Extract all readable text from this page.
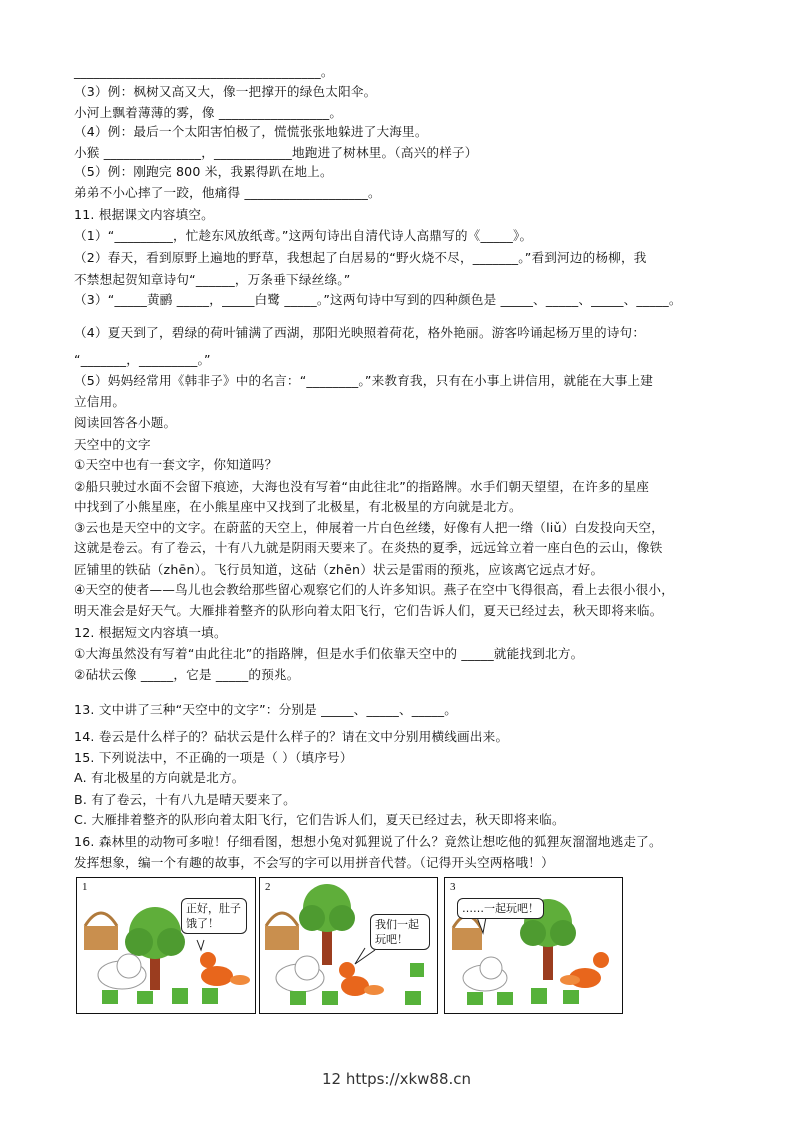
______________________________________。
（3）例：枫树又高又大，像一把撑开的绿色太阳伞。
小河上飘着薄薄的雾，像 _________________。
（4）例：最后一个太阳害怕极了，慌慌张张地躲进了大海里。
小猴 _______________，____________地跑进了树林里。（高兴的样子）
（5）例：刚跑完 800 米，我累得趴在地上。
弟弟不小心摔了一跤，他痛得 ___________________。
11. 根据课文内容填空。
（1）“_________，忙趁东风放纸鸢。”这两句诗出自清代诗人高鼎写的《_____》。
（2）春天，看到原野上遍地的野草，我想起了白居易的“野火烧不尽，_______。”看到河边的杨柳，我
不禁想起贺知章诗句“______，万条垂下绿丝绦。”
（3）“_____黄鹂 _____，_____白鹭 _____。”这两句诗中写到的四种颜色是 _____、_____、_____、_____。
（4）夏天到了，碧绿的荷叶铺满了西湖，那阳光映照着荷花，格外艳丽。游客吟诵起杨万里的诗句：
“_______，_________。”
（5）妈妈经常用《韩非子》中的名言：“________。”来教育我，只有在小事上讲信用，就能在大事上建
立信用。
阅读回答各小题。
天空中的文字
①天空中也有一套文字，你知道吗？
②船只驶过水面不会留下痕迹，大海也没有写着“由此往北”的指路牌。水手们朝天望望，在许多的星座
中找到了小熊星座，在小熊星座中又找到了北极星，有北极星的方向就是北方。
③云也是天空中的文字。在蔚蓝的天空上，伸展着一片白色丝缕，好像有人把一绺（liǔ）白发投向天空，
这就是卷云。有了卷云，十有八九就是阴雨天要来了。在炎热的夏季，远远耸立着一座白色的云山，像铁
匠铺里的铁砧（zhēn）。飞行员知道，这砧（zhēn）状云是雷雨的预兆，应该离它远点才好。
④天空的使者——鸟儿也会教给那些留心观察它们的人许多知识。燕子在空中飞得很高，看上去很小很小，
明天准会是好天气。大雁排着整齐的队形向着太阳飞行，它们告诉人们，夏天已经过去，秋天即将来临。
12. 根据短文内容填一填。
①大海虽然没有写着“由此往北”的指路牌，但是水手们依靠天空中的 _____就能找到北方。
②砧状云像 _____，它是 _____的预兆。
13. 文中讲了三种“天空中的文字”：分别是 _____、_____、_____。
14. 卷云是什么样子的？砧状云是什么样子的？请在文中分别用横线画出来。
15. 下列说法中，不正确的一项是（ ）（填序号）
A. 有北极星的方向就是北方。
B. 有了卷云，十有八九是晴天要来了。
C. 大雁排着整齐的队形向着太阳飞行，它们告诉人们，夏天已经过去，秋天即将来临。
16. 森林里的动物可多啦！仔细看图，想想小兔对狐狸说了什么？竟然让想吃他的狐狸灰溜溜地逃走了。
发挥想象，编一个有趣的故事，不会写的字可以用拼音代替。（记得开头空两格哦！）
1
正好，肚子饿了！
2
我们一起玩吧！
3
……一起玩吧！
12 https://xkw88.cn
